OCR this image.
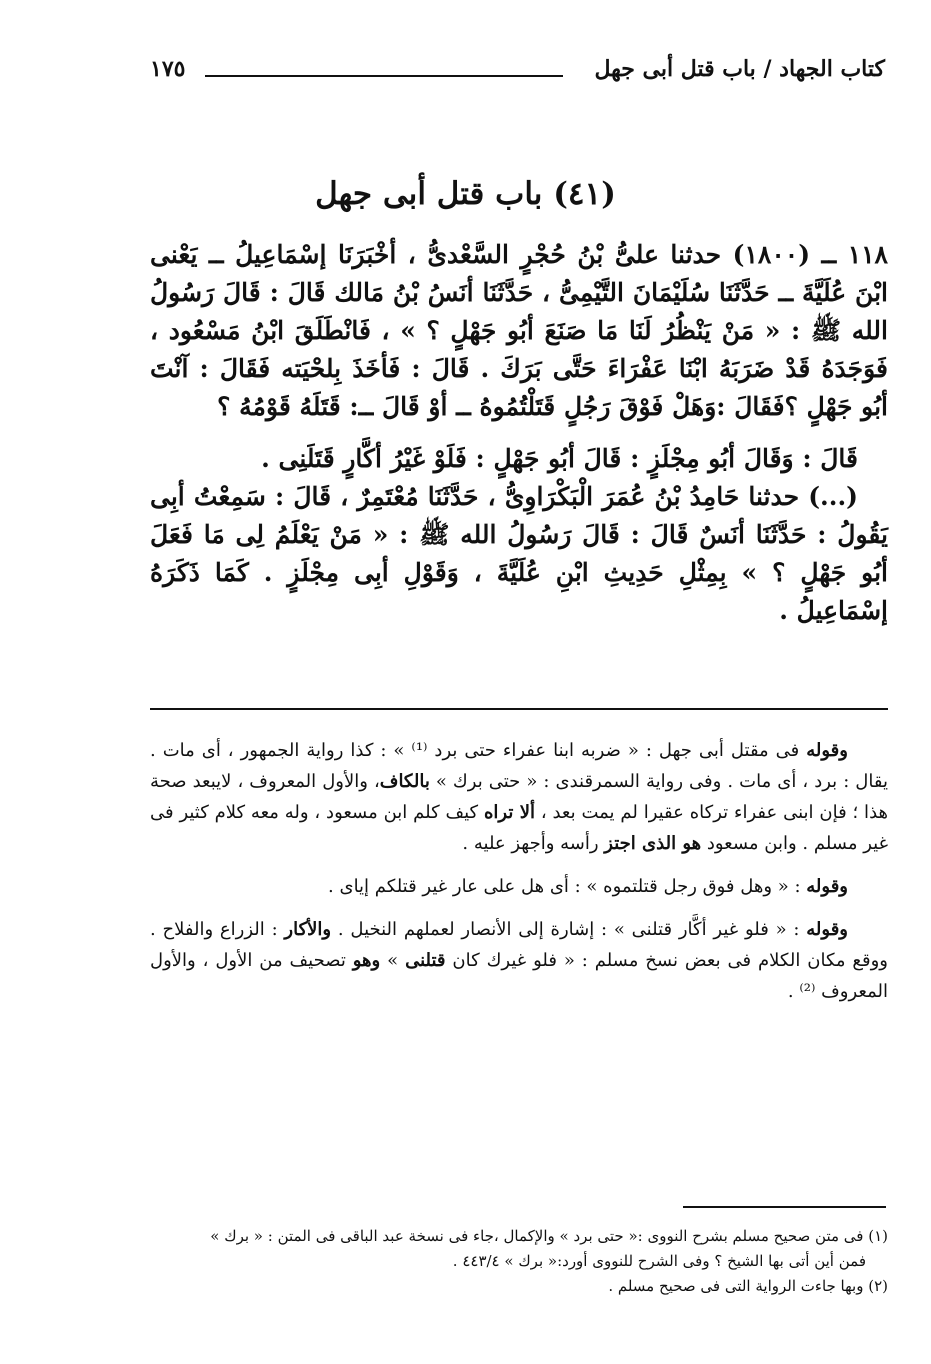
كتاب الجهاد / باب قتل أبى جهل
١٧٥
(٤١) باب قتل أبى جهل

١١٨ ــ (١٨٠٠) حدثنا علىُّ بْنُ حُجْرٍ السَّعْدىُّ ، أخْبَرَنَا إسْمَاعِيلُ ــ يَعْنى ابْنَ عُلَيَّةَ ــ حَدَّثَنَا سُلَيْمَانَ التَّيْمِىُّ ، حَدَّثَنَا أنَسُ بْنُ مَالك قَالَ : قَالَ رَسُولُ الله ﷺ : « مَنْ يَنْظُرُ لَنَا مَا صَنَعَ أبُو جَهْلٍ ؟ » ، فَانْطَلَقَ ابْنُ مَسْعُود ، فَوَجَدَهُ قَدْ ضَرَبَهُ ابْنَا عَفْرَاءَ حَتَّى بَرَكَ . قَالَ : فَأخَذَ بِلحْيَته فَقَالَ : آنْتَ أبُو جَهْلٍ ؟فَقَالَ :وَهَلْ فَوْقَ رَجُلٍ قَتَلْتُمُوهُ ــ أوْ قَالَ ــ: قَتَلَهُ قَوْمُهُ ؟

قَالَ : وَقَالَ أبُو مِجْلَزٍ : قَالَ أبُو جَهْلٍ : فَلَوْ غَيْرُ أكَّارٍ قَتَلَنِى .

(...) حدثنا حَامِدُ بْنُ عُمَرَ الْبَكْرَاوِىُّ ، حَدَّثَنَا مُعْتَمِرٌ ، قَالَ : سَمِعْتُ أبِى يَقُولُ : حَدَّثَنَا أنَسٌ قَالَ : قَالَ رَسُولُ الله ﷺ : « مَنْ يَعْلَمُ لِى مَا فَعَلَ أبُو جَهْلٍ ؟ » بِمِثْلِ حَدِيثِ ابْنِ عُلَيَّةَ ، وَقَوْلِ أبِى مِجْلَزٍ . كَمَا ذَكَرَهُ إسْمَاعِيلُ .

وقوله فى مقتل أبى جهل : « ضربه ابنا عفراء حتى برد ⁽¹⁾ » : كذا رواية الجمهور ، أى مات . يقال : برد ، أى مات . وفى رواية السمرقندى : « حتى برك » بالكاف، والأول المعروف ، لايبعد صحة هذا ؛ فإن ابنى عفراء تركاه عقيرا لم يمت بعد ، ألا تراه كيف كلم ابن مسعود ، وله معه كلام كثير فى غير مسلم . وابن مسعود هو الذى اجتز رأسه وأجهز عليه .

وقوله : « وهل فوق رجل قتلتموه » : أى هل على عار غير قتلكم إياى .

وقوله : « فلو غير أكَّار قتلنى » : إشارة إلى الأنصار لعملهم النخيل . والأكار : الزراع والفلاح . ووقع مكان الكلام فى بعض نسخ مسلم : « فلو غيرك كان قتلنى » وهو تصحيف من الأول ، والأول المعروف ⁽²⁾ .

(١) فى متن صحيح مسلم بشرح النووى :« حتى برد » والإكمال ،جاء فى نسخة عبد الباقى فى المتن : « برك »

فمن أين أتى بها الشيخ ؟ وفى الشرح للنووى أورد:« برك » ٤٤٣/٤ .

(٢) وبها جاءت الرواية التى فى صحيح مسلم .
